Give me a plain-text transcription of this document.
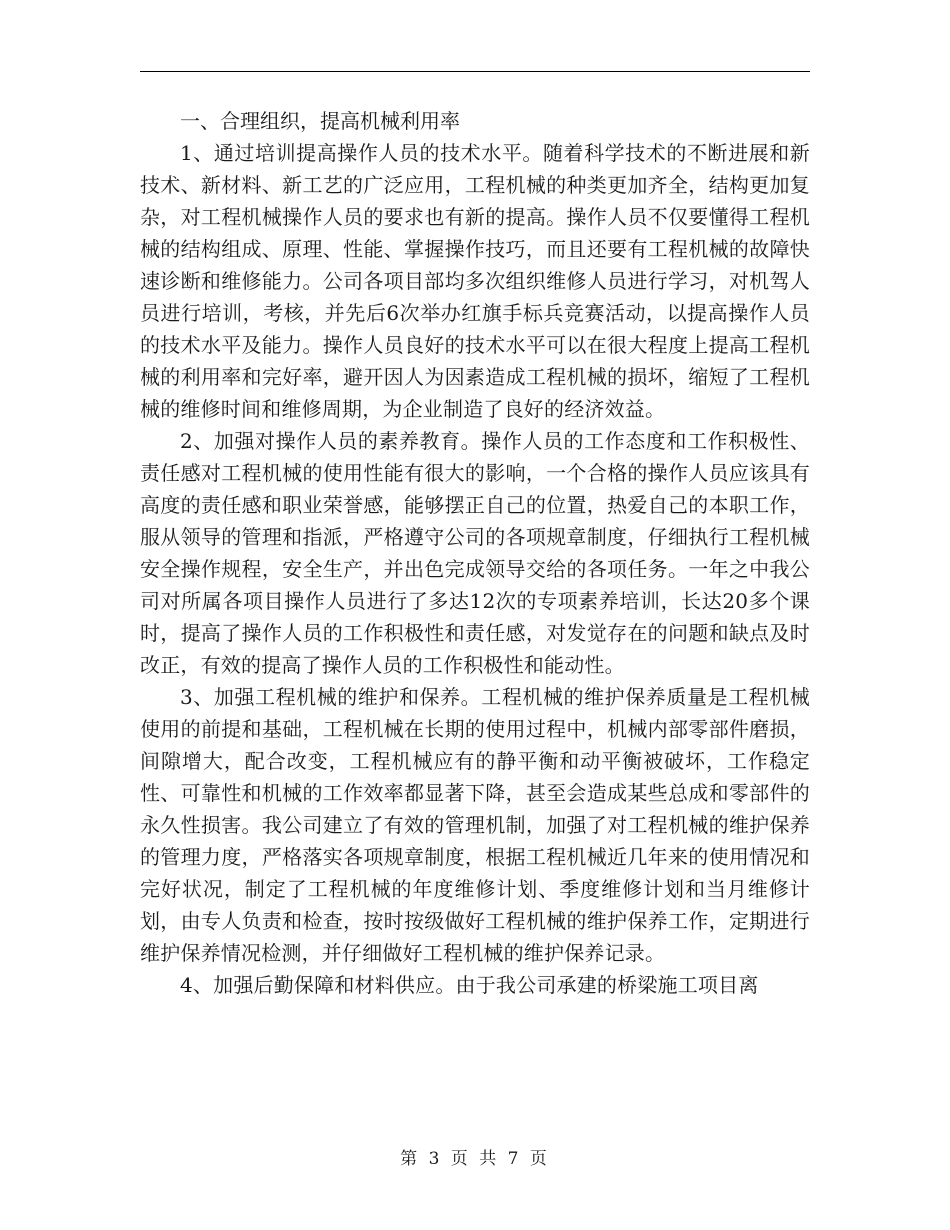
一、合理组织，提高机械利用率

1、通过培训提高操作人员的技术水平。随着科学技术的不断进展和新技术、新材料、新工艺的广泛应用，工程机械的种类更加齐全，结构更加复杂，对工程机械操作人员的要求也有新的提高。操作人员不仅要懂得工程机械的结构组成、原理、性能、掌握操作技巧，而且还要有工程机械的故障快速诊断和维修能力。公司各项目部均多次组织维修人员进行学习，对机驾人员进行培训，考核，并先后6次举办红旗手标兵竞赛活动，以提高操作人员的技术水平及能力。操作人员良好的技术水平可以在很大程度上提高工程机械的利用率和完好率，避开因人为因素造成工程机械的损坏，缩短了工程机械的维修时间和维修周期，为企业制造了良好的经济效益。

2、加强对操作人员的素养教育。操作人员的工作态度和工作积极性、责任感对工程机械的使用性能有很大的影响，一个合格的操作人员应该具有高度的责任感和职业荣誉感，能够摆正自己的位置，热爱自己的本职工作，服从领导的管理和指派，严格遵守公司的各项规章制度，仔细执行工程机械安全操作规程，安全生产，并出色完成领导交给的各项任务。一年之中我公司对所属各项目操作人员进行了多达12次的专项素养培训，长达20多个课时，提高了操作人员的工作积极性和责任感，对发觉存在的问题和缺点及时改正，有效的提高了操作人员的工作积极性和能动性。

3、加强工程机械的维护和保养。工程机械的维护保养质量是工程机械使用的前提和基础，工程机械在长期的使用过程中，机械内部零部件磨损，间隙增大，配合改变，工程机械应有的静平衡和动平衡被破坏，工作稳定性、可靠性和机械的工作效率都显著下降，甚至会造成某些总成和零部件的永久性损害。我公司建立了有效的管理机制，加强了对工程机械的维护保养的管理力度，严格落实各项规章制度，根据工程机械近几年来的使用情况和完好状况，制定了工程机械的年度维修计划、季度维修计划和当月维修计划，由专人负责和检查，按时按级做好工程机械的维护保养工作，定期进行维护保养情况检测，并仔细做好工程机械的维护保养记录。

4、加强后勤保障和材料供应。由于我公司承建的桥梁施工项目离

第 3 页 共 7 页
